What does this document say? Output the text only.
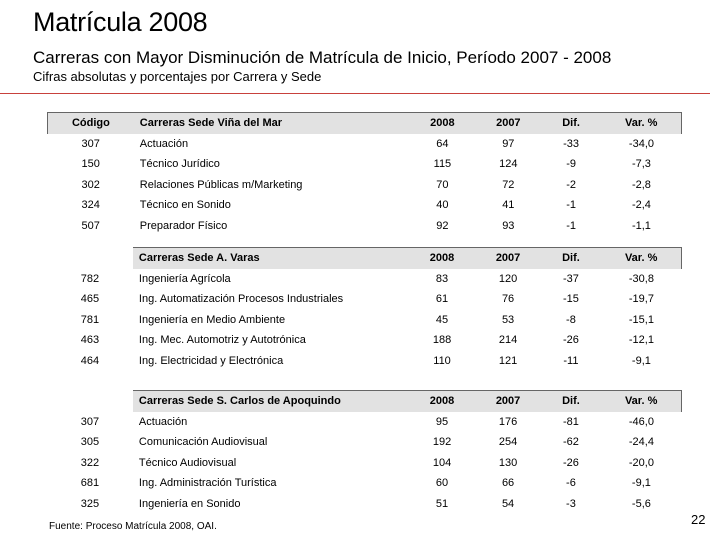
Matrícula 2008
Carreras con Mayor Disminución de Matrícula de Inicio, Período 2007 - 2008
Cifras absolutas y porcentajes por Carrera y Sede
Código	Carreras Sede Viña del Mar	2008	2007	Dif.	Var. %
307	Actuación	64	97	-33	-34,0
150	Técnico Jurídico	115	124	-9	-7,3
302	Relaciones Públicas m/Marketing	70	72	-2	-2,8
324	Técnico en Sonido	40	41	-1	-2,4
507	Preparador Físico	92	93	-1	-1,1
	Carreras Sede A. Varas	2008	2007	Dif.	Var. %
782	Ingeniería Agrícola	83	120	-37	-30,8
465	Ing. Automatización Procesos Industriales	61	76	-15	-19,7
781	Ingeniería en Medio Ambiente	45	53	-8	-15,1
463	Ing. Mec. Automotriz y Autotrónica	188	214	-26	-12,1
464	Ing. Electricidad y Electrónica	110	121	-11	-9,1
	Carreras Sede S. Carlos de Apoquindo	2008	2007	Dif.	Var. %
307	Actuación	95	176	-81	-46,0
305	Comunicación Audiovisual	192	254	-62	-24,4
322	Técnico Audiovisual	104	130	-26	-20,0
681	Ing. Administración Turística	60	66	-6	-9,1
325	Ingeniería en Sonido	51	54	-3	-5,6
Fuente: Proceso Matrícula 2008, OAI.	22
